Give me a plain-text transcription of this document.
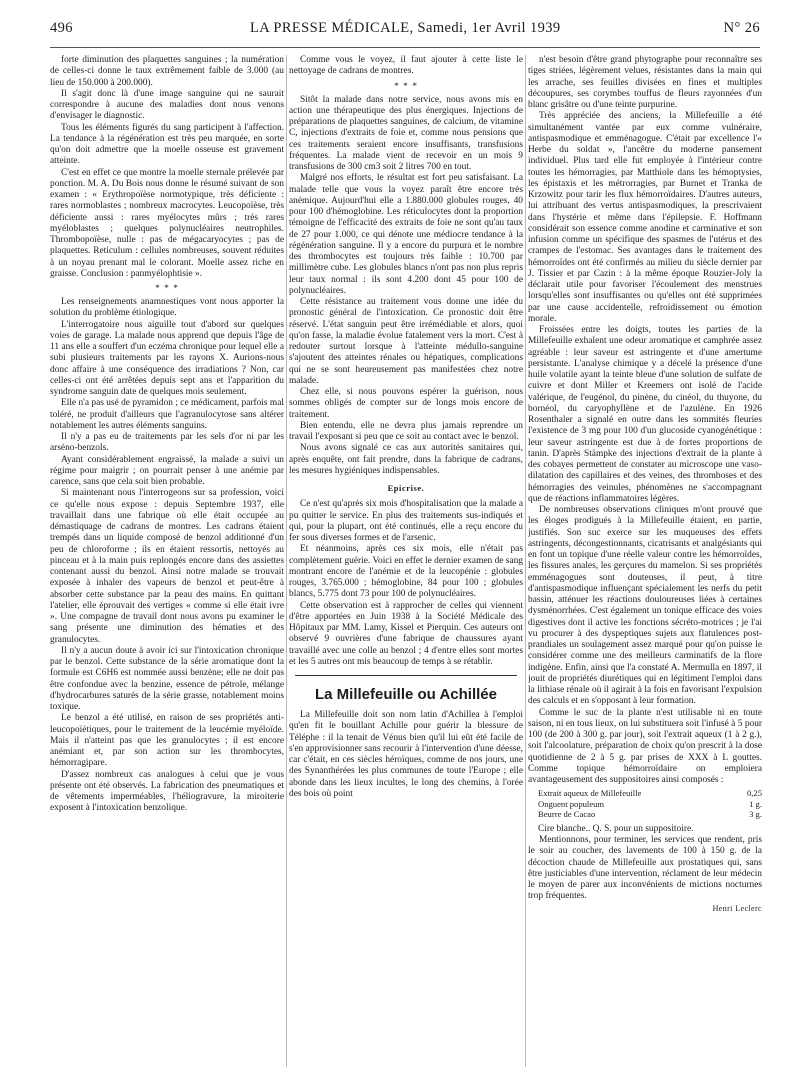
496	LA PRESSE MÉDICALE, Samedi, 1er Avril 1939	N° 26

forte diminution des plaquettes sanguines ; la numération de celles-ci donne le taux extrêmement faible de 3.000 (au lieu de 150.000 à 200.000).

Il s'agit donc là d'une image sanguine qui ne saurait correspondre à aucune des maladies dont nous venons d'envisager le diagnostic.

Tous les éléments figurés du sang participent à l'affection. La tendance à la régénération est très peu marquée, en sorte qu'on doit admettre que la moelle osseuse est gravement atteinte.

C'est en effet ce que montre la moelle sternale prélevée par ponction. M. A. Du Bois nous donne le résumé suivant de son examen : « Erythropoïèse normotypique, très déficiente : rares normoblastes ; nombreux macrocytes. Leucopoïèse, très déficiente aussi : rares myélocytes mûrs ; très rares myéloblastes ; quelques polynucléaires neutrophiles. Thrombopoïèse, nulle : pas de mégacaryocytes ; pas de plaquettes. Reticulum : cellules nombreuses, souvent réduites à un noyau prenant mal le colorant. Moelle assez riche en graisse. Conclusion : panmyélophtisie ».

* * *

Les renseignements anamnestiques vont nous apporter la solution du problème étiologique.

L'interrogatoire nous aiguille tout d'abord sur quelques voies de garage. La malade nous apprend que depuis l'âge de 11 ans elle a souffert d'un eczéma chronique pour lequel elle a subi plusieurs traitements par les rayons X. Aurions-nous donc affaire à une conséquence des irradiations ? Non, car celles-ci ont été arrêtées depuis sept ans et l'apparition du syndrome sanguin date de quelques mois seulement.

Elle n'a pas usé de pyramidon ; ce médicament, parfois mal toléré, ne produit d'ailleurs que l'agranulocytose sans altérer notablement les autres éléments sanguins.

Il n'y a pas eu de traitements par les sels d'or ni par les arséno-benzols.

Ayant considérablement engraissé, la malade a suivi un régime pour maigrir ; on pourrait penser à une anémie par carence, sans que cela soit bien probable.

Si maintenant nous l'interrogeons sur sa profession, voici ce qu'elle nous expose : depuis Septembre 1937, elle travaillait dans une fabrique où elle était occupée au démastiquage de cadrans de montres. Les cadrans étaient trempés dans un liquide composé de benzol additionné d'un peu de chloroforme ; ils en étaient ressortis, nettoyés au pinceau et à la main puis replongés encore dans des assiettes contenant aussi du benzol. Ainsi notre malade se trouvait exposée à inhaler des vapeurs de benzol et peut-être à absorber cette substance par la peau des mains. En quittant l'atelier, elle éprouvait des vertiges « comme si elle était ivre ». Une compagne de travail dont nous avons pu examiner le sang présente une diminution des hématies et des granulocytes.

Il n'y a aucun doute à avoir ici sur l'intoxication chronique par le benzol. Cette substance de la série aromatique dont la formule est C6H6 est nommée aussi benzène; elle ne doit pas être confondue avec la benzine, essence de pétrole, mélange d'hydrocarbures saturés de la série grasse, notablement moins toxique.

Le benzol a été utilisé, en raison de ses propriétés anti-leucopoïétiques, pour le traitement de la leucémie myéloïde. Mais il n'atteint pas que les granulocytes ; il est encore anémiant et, par son action sur les thrombocytes, hémorragipare.

D'assez nombreux cas analogues à celui que je vous présente ont été observés. La fabrication des pneumatiques et de vêtements imperméables, l'héliogravure, la miroiterie exposent à l'intoxication benzolique.

Comme vous le voyez, il faut ajouter à cette liste le nettoyage de cadrans de montres.

* * *

Sitôt la malade dans notre service, nous avons mis en action une thérapeutique des plus énergiques. Injections de préparations de plaquettes sanguines, de calcium, de vitamine C, injections d'extraits de foie et, comme nous pensions que ces traitements seraient encore insuffisants, transfusions fréquentes. La malade vient de recevoir en un mois 9 transfusions de 300 cm3 soit 2 litres 700 en tout.

Malgré nos efforts, le résultat est fort peu satisfaisant. La malade telle que vous la voyez paraît être encore très anémique. Aujourd'hui elle a 1.880.000 globules rouges, 40 pour 100 d'hémoglobine. Les réticulocytes dont la proportion témoigne de l'efficacité des extraits de foie ne sont qu'au taux de 27 pour 1.000, ce qui dénote une médiocre tendance à la régénération sanguine. Il y a encore du purpura et le nombre des thrombocytes est toujours très faible : 10.700 par millimètre cube. Les globules blancs n'ont pas non plus repris leur taux normal : ils sont 4.200 dont 45 pour 100 de polynucléaires.

Cette résistance au traitement vous donne une idée du pronostic général de l'intoxication. Ce pronostic doit être réservé. L'état sanguin peut être irrémédiable et alors, quoi qu'on fasse, la maladie évolue fatalement vers la mort. C'est à redouter surtout lorsque à l'atteinte médullo-sanguine s'ajoutent des atteintes rénales ou hépatiques, complications qui ne se sont heureusement pas manifestées chez notre malade.

Chez elle, si nous pouvons espérer la guérison, nous sommes obligés de compter sur de longs mois encore de traitement.

Bien entendu, elle ne devra plus jamais reprendre un travail l'exposant si peu que ce soit au contact avec le benzol.

Nous avons signalé ce cas aux autorités sanitaires qui, après enquête, ont fait prendre, dans la fabrique de cadrans, les mesures hygiéniques indispensables.

Epicrise.

Ce n'est qu'après six mois d'hospitalisation que la malade a pu quitter le service. En plus des traitements sus-indiqués et qui, pour la plupart, ont été continués, elle a reçu encore du fer sous diverses formes et de l'arsenic.

Et néanmoins, après ces six mois, elle n'était pas complètement guérie. Voici en effet le dernier examen de sang montrant encore de l'anémie et de la leucopénie : globules rouges, 3.765.000 ; hémoglobine, 84 pour 100 ; globules blancs, 5.775 dont 73 pour 100 de polynucléaires.

Cette observation est à rapprocher de celles qui viennent d'être apportées en Juin 1938 à la Société Médicale des Hôpitaux par MM. Lamy, Kissel et Pierquin. Ces auteurs ont observé 9 ouvrières d'une fabrique de chaussures ayant travaillé avec une colle au benzol ; 4 d'entre elles sont mortes et les 5 autres ont mis beaucoup de temps à se rétablir.

La Millefeuille ou Achillée

La Millefeuille doit son nom latin d'Achillea à l'emploi qu'en fit le bouillant Achille pour guérir la blessure de Téléphe : il la tenait de Vénus bien qu'il lui eût été facile de s'en approvisionner sans recourir à l'intervention d'une déesse, car c'était, en ces siècles héroïques, comme de nos jours, une des Synanthérées les plus communes de toute l'Europe ; elle abonde dans les lieux incultes, le long des chemins, à l'orée des bois où point

n'est besoin d'être grand phytographe pour reconnaître ses tiges striées, légèrement velues, résistantes dans la main qui les arrache, ses feuilles divisées en fines et multiples découpures, ses corymbes touffus de fleurs rayonnées d'un blanc grisâtre ou d'une teinte purpurine.

Très appréciée des anciens, la Millefeuille a été simultanément vantée par eux comme vulnéraire, antispasmodique et emménagogue. C'était par excellence l'« Herbe du soldat », l'ancêtre du moderne pansement individuel. Plus tard elle fut employée à l'intérieur contre toutes les hémorragies, par Matthiole dans les hémoptysies, les épistaxis et les métrorragies, par Burnet et Tranka de Krzowitz pour tarir les flux hémorroïdaires. D'autres auteurs, lui attribuant des vertus antispasmodiques, la prescrivaient dans l'hystérie et même dans l'épilepsie. F. Hoffmann considérait son essence comme anodine et carminative et son infusion comme un spécifique des spasmes de l'utérus et des crampes de l'estomac. Ses avantages dans le traitement des hémorroïdes ont été confirmés au milieu du siècle dernier par J. Tissier et par Cazin : à la même époque Rouzier-Joly la déclarait utile pour favoriser l'écoulement des menstrues lorsqu'elles sont insuffisantes ou qu'elles ont été supprimées par une cause accidentelle, refroidissement ou émotion morale.

Froissées entre les doigts, toutes les parties de la Millefeuille exhalent une odeur aromatique et camphrée assez agréable : leur saveur est astringente et d'une amertume persistante. L'analyse chimique y a décelé la présence d'une huile volatile ayant la teinte bleue d'une solution de sulfate de cuivre et dont Miller et Kreemers ont isolé de l'acide valérique, de l'eugénol, du pinène, du cinéol, du thuyone, du bornéol, du caryophyllène et de l'azulène. En 1926 Rosenthaler a signalé en outre dans les sommités fleuries l'existence de 3 mg pour 100 d'un glucoside cyanogénétique : leur saveur astringente est due à de fortes proportions de tanin. D'après Stämpke des injections d'extrait de la plante à des cobayes permettent de constater au microscope une vaso-dilatation des capillaires et des veines, des thromboses et des hémorragies des veinules, phénomènes ne s'accompagnant que de réactions inflammatoires légères.

De nombreuses observations cliniques m'ont prouvé que les éloges prodigués à la Millefeuille étaient, en partie, justifiés. Son suc exerce sur les muqueuses des effets astringents, décongestionnants, cicatrisants et analgésiants qui en font un topique d'une réelle valeur contre les hémorroïdes, les fissures anales, les gerçures du mamelon. Si ses propriétés emménagogues sont douteuses, il peut, à titre d'antispasmodique influençant spécialement les nerfs du petit bassin, atténuer les réactions douloureuses liées à certaines dysménorrhées. C'est également un tonique efficace des voies digestives dont il active les fonctions sécréto-motrices ; je l'ai vu procurer à des dyspeptiques sujets aux flatulences post-prandiales un soulagement assez marqué pour qu'on puisse le considérer comme une des meilleurs carminatifs de la flore indigène. Enfin, ainsi que l'a constaté A. Mermulla en 1897, il jouit de propriétés diurétiques qui en légitiment l'emploi dans la lithiase rénale où il agirait à la fois en favorisant l'expulsion des calculs et en s'opposant à leur formation.

Comme le suc de la plante n'est utilisable ni en toute saison, ni en tous lieux, on lui substituera soit l'infusé à 5 pour 100 (de 200 à 300 g. par jour), soit l'extrait aqueux (1 à 2 g.), soit l'alcoolature, préparation de choix qu'on prescrit à la dose quotidienne de 2 à 5 g. par prises de XXX à L gouttes. Comme topique hémorroïdaire on emploiera avantageusement des suppositoires ainsi composés :

Extrait aqueux de Millefeuille	0,25
Onguent populeum	1 g.
Beurre de Cacao	3 g.

Cire blanche.. Q. S. pour un suppositoire.

Mentionnons, pour terminer, les services que rendent, pris le soir au coucher, des lavements de 100 à 150 g. de la décoction chaude de Millefeuille aux prostatiques qui, sans être justiciables d'une intervention, réclament de leur médecin le moyen de parer aux inconvénients de mictions nocturnes trop fréquentes.

Henri Leclerc
